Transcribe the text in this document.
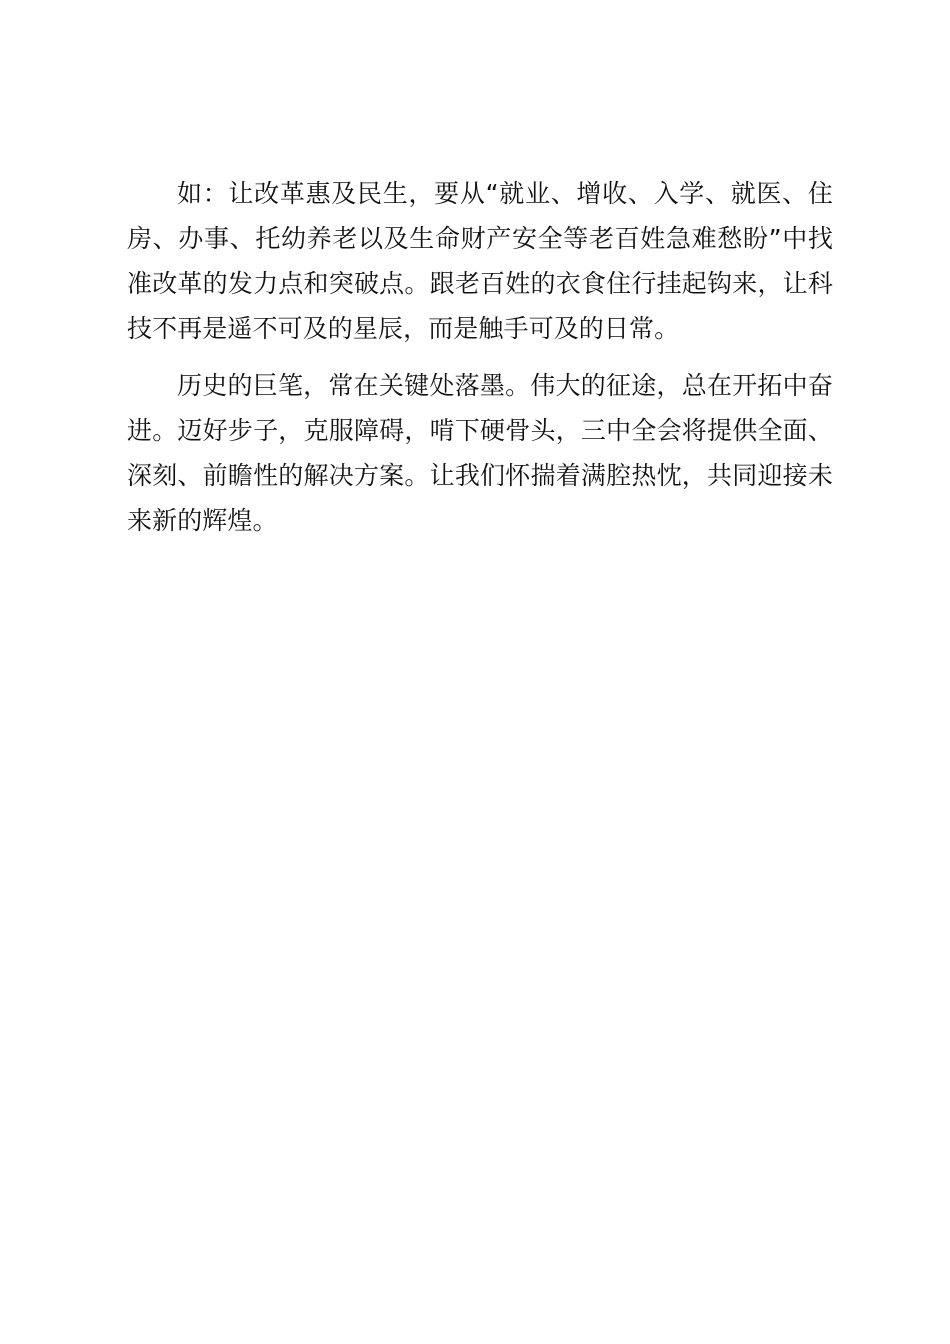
如：让改革惠及民生，要从“就业、增收、入学、就医、住房、办事、托幼养老以及生命财产安全等老百姓急难愁盼”中找准改革的发力点和突破点。跟老百姓的衣食住行挂起钩来，让科技不再是遥不可及的星辰，而是触手可及的日常。

历史的巨笔，常在关键处落墨。伟大的征途，总在开拓中奋进。迈好步子，克服障碍，啃下硬骨头，三中全会将提供全面、深刻、前瞻性的解决方案。让我们怀揣着满腔热忱，共同迎接未来新的辉煌。
